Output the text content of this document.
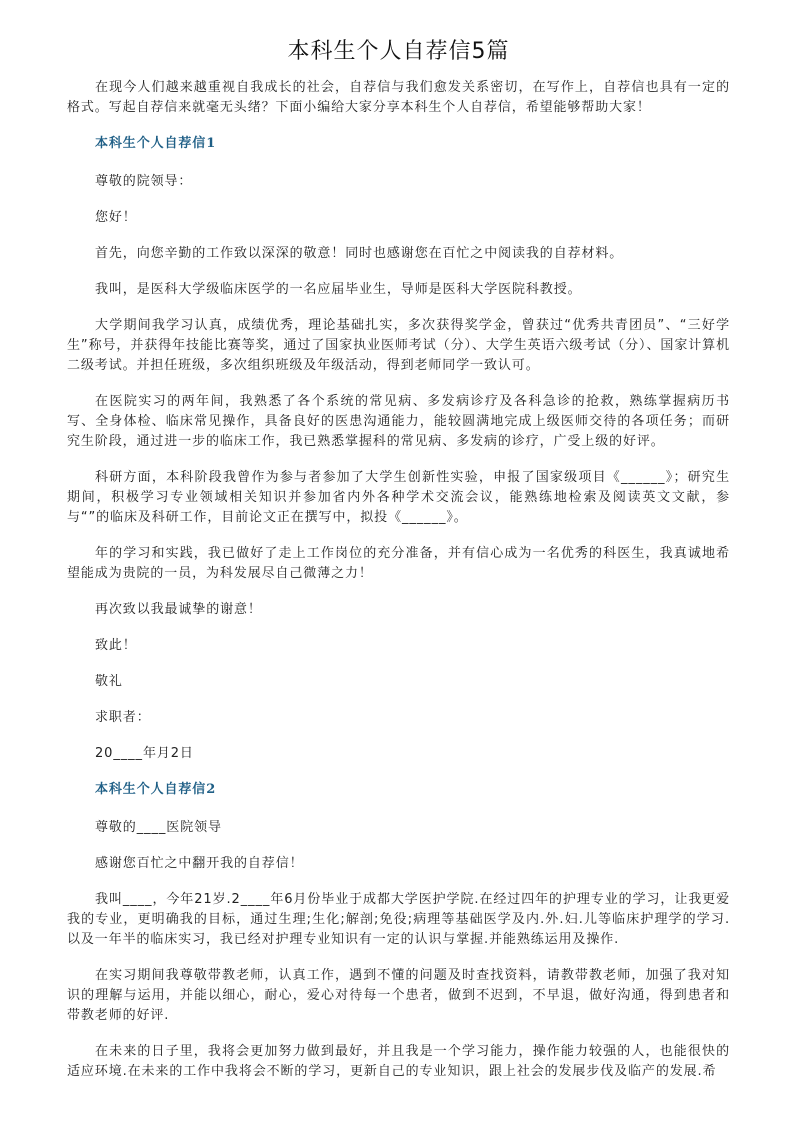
本科生个人自荐信5篇

在现今人们越来越重视自我成长的社会，自荐信与我们愈发关系密切，在写作上，自荐信也具有一定的格式。写起自荐信来就毫无头绪？下面小编给大家分享本科生个人自荐信，希望能够帮助大家！

本科生个人自荐信1

尊敬的院领导：

您好！

首先，向您辛勤的工作致以深深的敬意！同时也感谢您在百忙之中阅读我的自荐材料。

我叫，是医科大学级临床医学的一名应届毕业生，导师是医科大学医院科教授。

大学期间我学习认真，成绩优秀，理论基础扎实，多次获得奖学金，曾获过“优秀共青团员”、“三好学生”称号，并获得年技能比赛等奖，通过了国家执业医师考试（分）、大学生英语六级考试（分）、国家计算机二级考试。并担任班级，多次组织班级及年级活动，得到老师同学一致认可。

在医院实习的两年间，我熟悉了各个系统的常见病、多发病诊疗及各科急诊的抢救，熟练掌握病历书写、全身体检、临床常见操作，具备良好的医患沟通能力，能较圆满地完成上级医师交待的各项任务；而研究生阶段，通过进一步的临床工作，我已熟悉掌握科的常见病、多发病的诊疗，广受上级的好评。

科研方面，本科阶段我曾作为参与者参加了大学生创新性实验，申报了国家级项目《______》；研究生期间，积极学习专业领域相关知识并参加省内外各种学术交流会议，能熟练地检索及阅读英文文献，参与“”的临床及科研工作，目前论文正在撰写中，拟投《______》。

年的学习和实践，我已做好了走上工作岗位的充分准备，并有信心成为一名优秀的科医生，我真诚地希望能成为贵院的一员，为科发展尽自己微薄之力！

再次致以我最诚挚的谢意！

致此！

敬礼

求职者：

20____年月2日

本科生个人自荐信2

尊敬的____医院领导

感谢您百忙之中翻开我的自荐信！

我叫____，今年21岁.2____年6月份毕业于成都大学医护学院.在经过四年的护理专业的学习，让我更爱我的专业，更明确我的目标，通过生理;生化;解剖;免役;病理等基础医学及内.外.妇.儿等临床护理学的学习.以及一年半的临床实习，我已经对护理专业知识有一定的认识与掌握.并能熟练运用及操作.

在实习期间我尊敬带教老师，认真工作，遇到不懂的问题及时查找资料，请教带教老师，加强了我对知识的理解与运用，并能以细心，耐心，爱心对待每一个患者，做到不迟到，不早退，做好沟通，得到患者和带教老师的好评.

在未来的日子里，我将会更加努力做到最好，并且我是一个学习能力，操作能力较强的人，也能很快的适应环境.在未来的工作中我将会不断的学习，更新自己的专业知识，跟上社会的发展步伐及临产的发展.希
